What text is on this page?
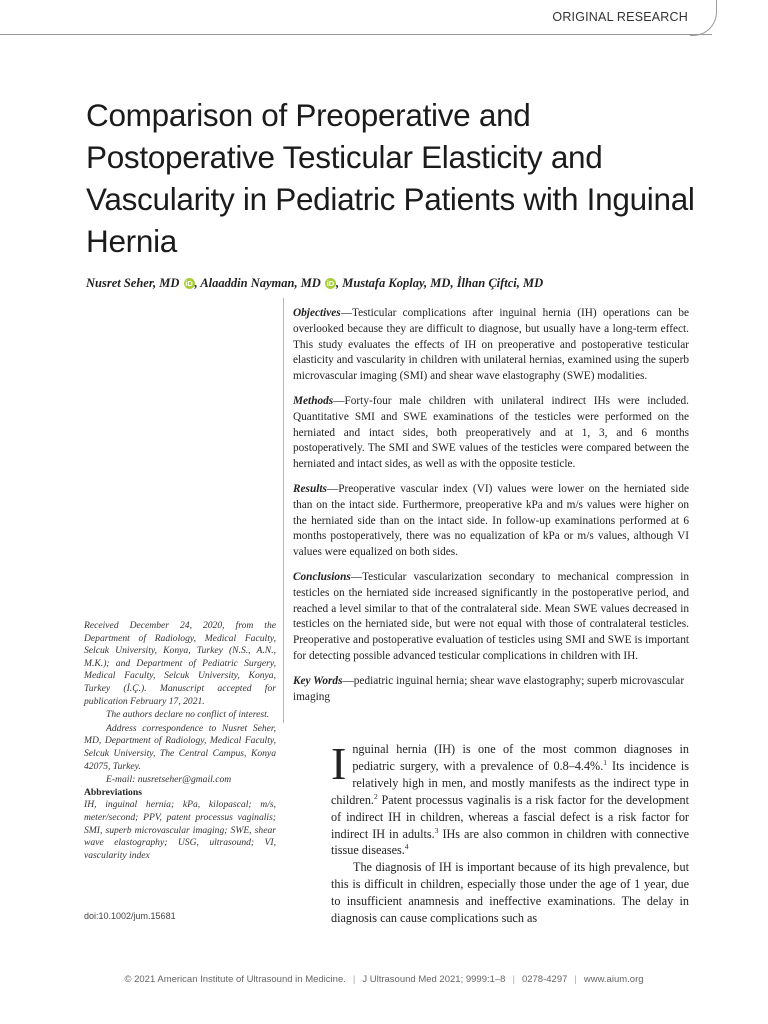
ORIGINAL RESEARCH
Comparison of Preoperative and Postoperative Testicular Elasticity and Vascularity in Pediatric Patients with Inguinal Hernia
Nusret Seher, MD iD , Alaaddin Nayman, MD iD , Mustafa Koplay, MD, İlhan Çiftci, MD

Objectives—Testicular complications after inguinal hernia (IH) operations can be overlooked because they are difficult to diagnose, but usually have a long-term effect. This study evaluates the effects of IH on preoperative and postoperative testicular elasticity and vascularity in children with unilateral hernias, examined using the superb microvascular imaging (SMI) and shear wave elastography (SWE) modalities.

Methods—Forty-four male children with unilateral indirect IHs were included. Quantitative SMI and SWE examinations of the testicles were performed on the herniated and intact sides, both preoperatively and at 1, 3, and 6 months postoperatively. The SMI and SWE values of the testicles were compared between the herniated and intact sides, as well as with the opposite testicle.

Results—Preoperative vascular index (VI) values were lower on the herniated side than on the intact side. Furthermore, preoperative kPa and m/s values were higher on the herniated side than on the intact side. In follow-up examinations performed at 6 months postoperatively, there was no equalization of kPa or m/s values, although VI values were equalized on both sides.

Conclusions—Testicular vascularization secondary to mechanical compression in testicles on the herniated side increased significantly in the postoperative period, and reached a level similar to that of the contralateral side. Mean SWE values decreased in testicles on the herniated side, but were not equal with those of contralateral testicles. Preoperative and postoperative evaluation of testicles using SMI and SWE is important for detecting possible advanced testicular complications in children with IH.

Key Words—pediatric inguinal hernia; shear wave elastography; superb microvascular imaging

Received December 24, 2020, from the Department of Radiology, Medical Faculty, Selcuk University, Konya, Turkey (N.S., A.N., M.K.); and Department of Pediatric Surgery, Medical Faculty, Selcuk University, Konya, Turkey (İ.Ç.). Manuscript accepted for publication February 17, 2021.

The authors declare no conflict of interest.

Address correspondence to Nusret Seher, MD, Department of Radiology, Medical Faculty, Selcuk University, The Central Campus, Konya 42075, Turkey.

E-mail: nusretseher@gmail.com

Abbreviations

IH, inguinal hernia; kPa, kilopascal; m/s, meter/second; PPV, patent processus vaginalis; SMI, superb microvascular imaging; SWE, shear wave elastography; USG, ultrasound; VI, vascularity index

doi:10.1002/jum.15681

Inguinal hernia (IH) is one of the most common diagnoses in pediatric surgery, with a prevalence of 0.8–4.4%.$^1$ Its incidence is relatively high in men, and mostly manifests as the indirect type in children.$^2$ Patent processus vaginalis is a risk factor for the development of indirect IH in children, whereas a fascial defect is a risk factor for indirect IH in adults.$^3$ IHs are also common in children with connective tissue diseases.$^4$

The diagnosis of IH is important because of its high prevalence, but this is difficult in children, especially those under the age of 1 year, due to insufficient anamnesis and ineffective examinations. The delay in diagnosis can cause complications such as

© 2021 American Institute of Ultrasound in Medicine. | J Ultrasound Med 2021; 9999:1–8 | 0278-4297 | www.aium.org
